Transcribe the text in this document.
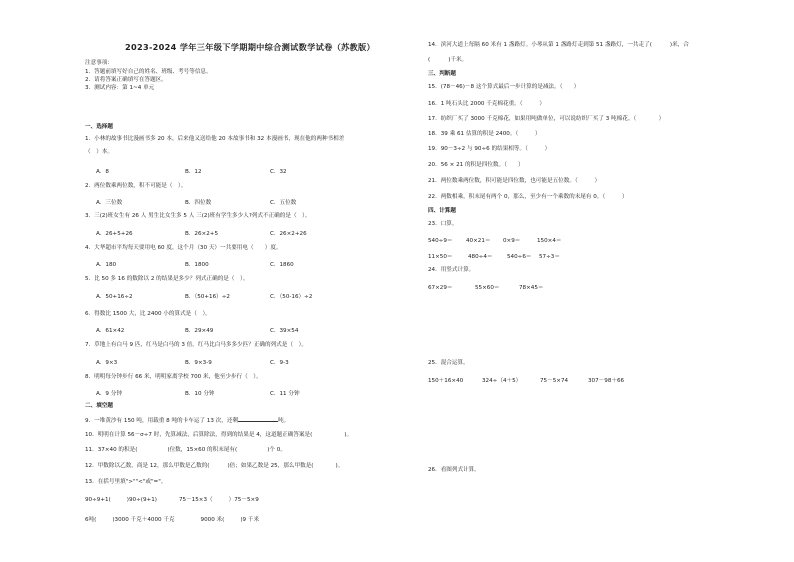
2023-2024 学年三年级下学期期中综合测试数学试卷（苏教版）
注意事项：
1．答题前填写好自己的姓名、班级、考号等信息。
2．请将答案正确填写在答题区。
3．测试内容：第 1~4 单元
一、选择题
1．小林的故事书比漫画书多 20 本，后来他又送给他 20 本故事书和 32 本漫画书，现在他的两种书相差
（　）本。
A．8	B．12	C．32
2．两位数乘两位数，积不可能是（　）。
A．三位数	B．四位数	C．五位数
3．三(2)班女生有 26 人 男生比女生多 5 人 三(2)班有学生多少人?列式不正确的是（　）。
A．26+5+26	B．26×2+5	C．26×2+26
4．大华超市平均每天要用电 60 度，这个月（30 天）一共要用电（　　）度。
A．180	B．1800	C．1860
5．比 50 多 16 的数除以 2 的结果是多少？列式正确的是（　）。
A．50+16÷2	B．（50+16）÷2	C．（50-16）÷2
6．得数比 1500 大，比 2400 小的算式是（　）。
A．61×42	B．29×49	C．39×54
7．草地上有白马 9 匹，红马是白马的 3 倍。红马比白马多多少匹？正确的列式是（　）。
A．9×3	B．9×3-9	C．9-3
8．明明每分钟步行 66 米，明明家离学校 700 米，他至少步行（　）。
A．9 分钟	B．10 分钟	C．11 分钟
二、填空题
9．一堆黄沙有 150 吨，用载重 8 吨的卡车运了 13 次，还剩	吨。
10．明明在计算 56－σ÷7 时，先算减法，后算除法，得到的结果是 4，这道题正确答案是(	)。
11．37×40 的积是(	)位数，15×60 的积末尾有(	)个 0。
12．甲数除以乙数，商是 12，那么甲数是乙数的(	)倍；如果乙数是 25，那么甲数是(	)。
13．在括号里填">""<"或"="。
90÷9+1(	)90÷(9+1)	75－15×3（	）75－5×9
6吨(	)3000 千克＋4000 千克	9000 米(	)9 千米
14．滨河大道上每隔 60 米有 1 盏路灯。小琴从第 1 盏路灯走到第 51 盏路灯，一共走了(	)米，合
(	)千米。
三、判断题
15．(78－46)－8 这个算式最后一步计算的是减法。（　　）
16．1 吨石头比 2000 千克棉花重。（　　　）
17．纺织厂买了 3000 千克棉花，如果用吨做单位，可以说纺织厂买了 3 吨棉花。（　　　　）
18．39 乘 61 估算的积是 2400。（　　　）
19．90－3÷2 与 90÷6 的结果相等。（　　　）
20．56 × 21 的积是四位数。（　　）
21．两位数乘两位数，积可能是四位数，也可能是五位数。（　　　）
22．两数相乘，积末尾有两个 0，那么，至少有一个乘数的末尾有 0。（　　　）
四、计算题
23．口算。
540÷9＝ 40×21＝ 0×9＝	150×4＝
11×50＝	480÷4＝	540÷6＝ 57÷3＝
24．用竖式计算。
67×29＝	55×60＝	78×45＝
25．混合运算。
150＋16×40	324÷（4＋5）	75－5×74	307－98＋66
26．看图列式计算。
